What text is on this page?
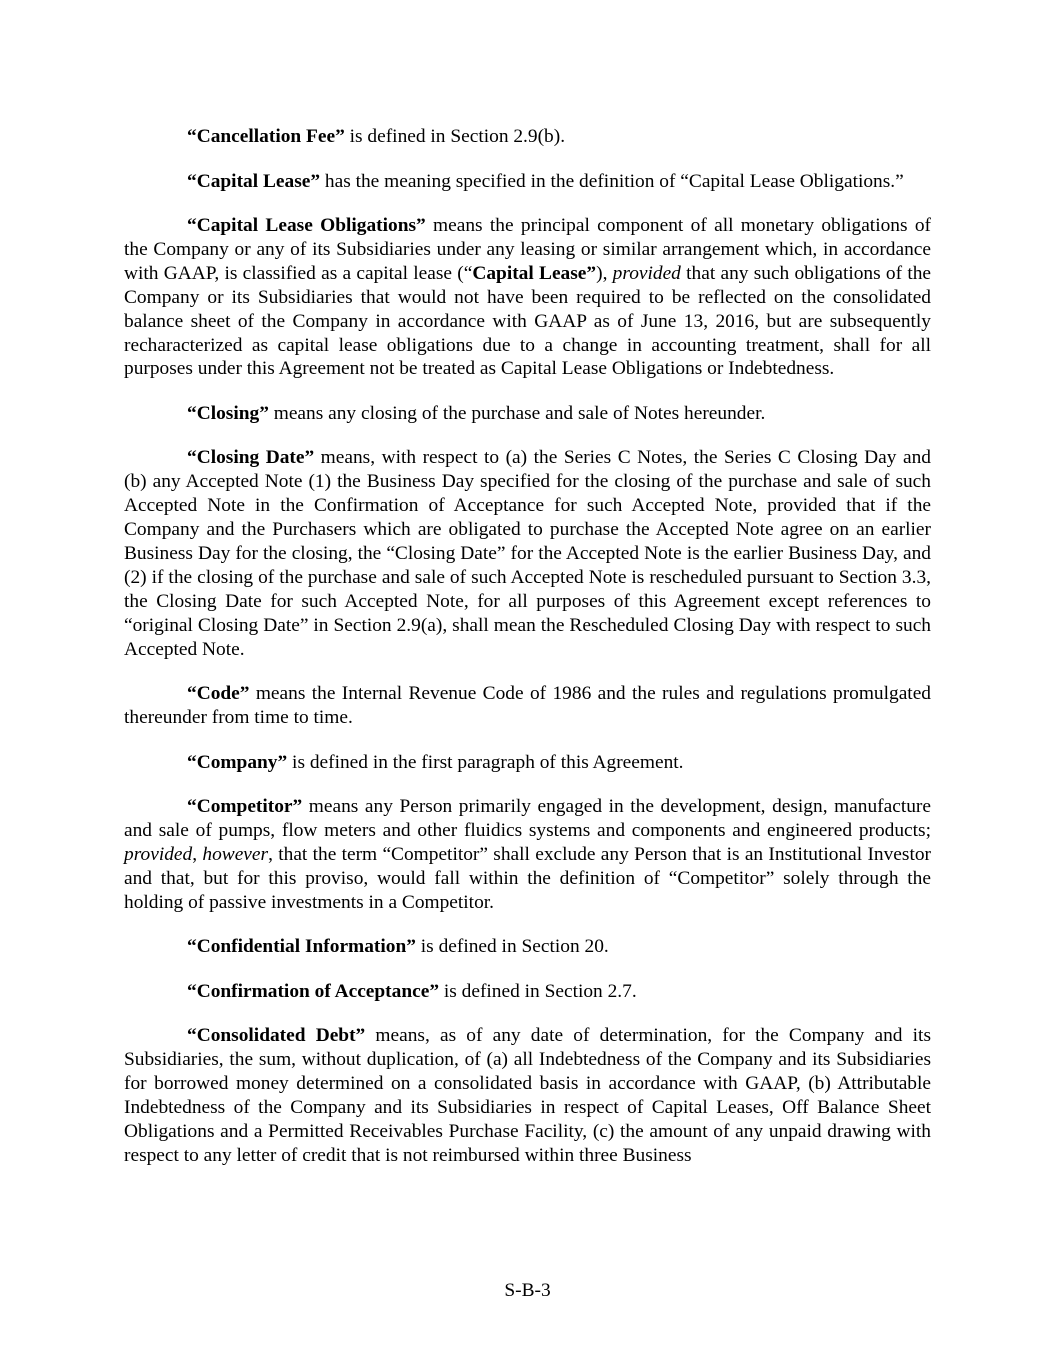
“Cancellation Fee” is defined in Section 2.9(b).

“Capital Lease” has the meaning specified in the definition of “Capital Lease Obligations.”

“Capital Lease Obligations” means the principal component of all monetary obligations of the Company or any of its Subsidiaries under any leasing or similar arrangement which, in accordance with GAAP, is classified as a capital lease (“Capital Lease”), provided that any such obligations of the Company or its Subsidiaries that would not have been required to be reflected on the consolidated balance sheet of the Company in accordance with GAAP as of June 13, 2016, but are subsequently recharacterized as capital lease obligations due to a change in accounting treatment, shall for all purposes under this Agreement not be treated as Capital Lease Obligations or Indebtedness.

“Closing” means any closing of the purchase and sale of Notes hereunder.

“Closing Date” means, with respect to (a) the Series C Notes, the Series C Closing Day and (b) any Accepted Note (1) the Business Day specified for the closing of the purchase and sale of such Accepted Note in the Confirmation of Acceptance for such Accepted Note, provided that if the Company and the Purchasers which are obligated to purchase the Accepted Note agree on an earlier Business Day for the closing, the “Closing Date” for the Accepted Note is the earlier Business Day, and (2) if the closing of the purchase and sale of such Accepted Note is rescheduled pursuant to Section 3.3, the Closing Date for such Accepted Note, for all purposes of this Agreement except references to “original Closing Date” in Section 2.9(a), shall mean the Rescheduled Closing Day with respect to such Accepted Note.

“Code” means the Internal Revenue Code of 1986 and the rules and regulations promulgated thereunder from time to time.

“Company” is defined in the first paragraph of this Agreement.

“Competitor” means any Person primarily engaged in the development, design, manufacture and sale of pumps, flow meters and other fluidics systems and components and engineered products; provided, however, that the term “Competitor” shall exclude any Person that is an Institutional Investor and that, but for this proviso, would fall within the definition of “Competitor” solely through the holding of passive investments in a Competitor.

“Confidential Information” is defined in Section 20.

“Confirmation of Acceptance” is defined in Section 2.7.

“Consolidated Debt” means, as of any date of determination, for the Company and its Subsidiaries, the sum, without duplication, of (a) all Indebtedness of the Company and its Subsidiaries for borrowed money determined on a consolidated basis in accordance with GAAP, (b) Attributable Indebtedness of the Company and its Subsidiaries in respect of Capital Leases, Off Balance Sheet Obligations and a Permitted Receivables Purchase Facility, (c) the amount of any unpaid drawing with respect to any letter of credit that is not reimbursed within three Business

S-B-3
